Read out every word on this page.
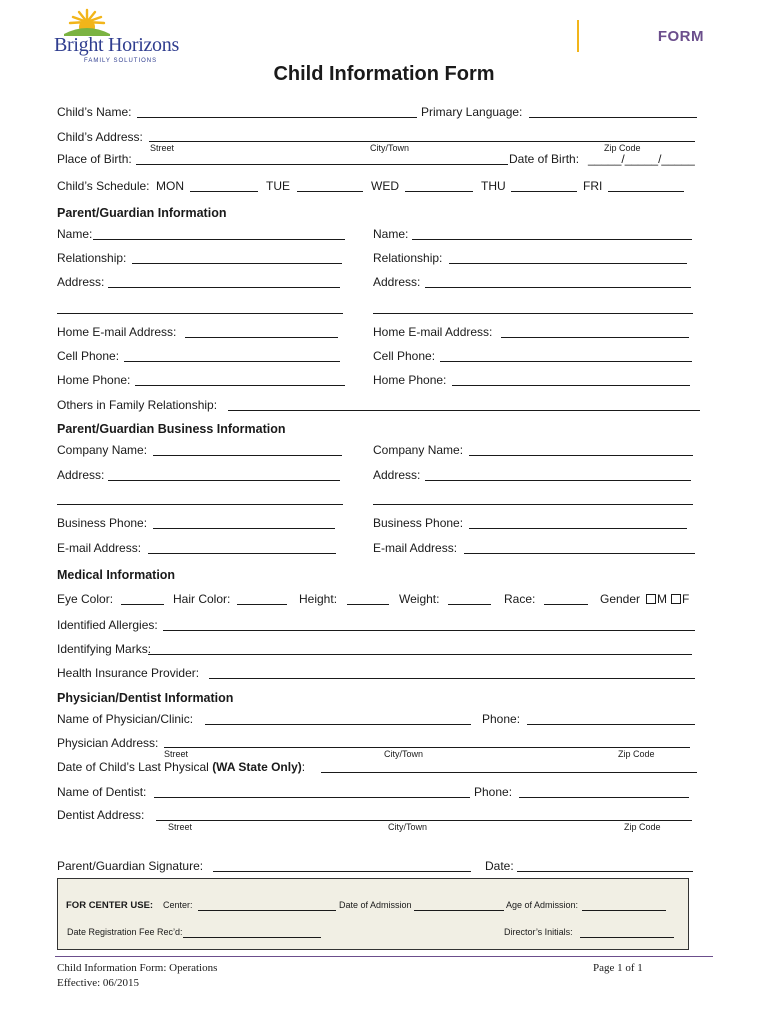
Bright Horizons
FAMILY SOLUTIONS
FORM
Child Information Form
Child’s Name:	Primary Language:
Child’s Address:
Street	City/Town	Zip Code
Place of Birth:	Date of Birth: _____/_____/_____
Child’s Schedule: MON	TUE	WED	THU	FRI
Parent/Guardian Information
Name:	Name:
Relationship:	Relationship:
Address:	Address:
Home E-mail Address:	Home E-mail Address:
Cell Phone:	Cell Phone:
Home Phone:	Home Phone:
Others in Family Relationship:
Parent/Guardian Business Information
Company Name:	Company Name:
Address:	Address:
Business Phone:	Business Phone:
E-mail Address:	E-mail Address:
Medical Information
Eye Color:	Hair Color:	Height:	Weight:	Race:	Gender M F
Identified Allergies:
Identifying Marks:
Health Insurance Provider:
Physician/Dentist Information
Name of Physician/Clinic:	Phone:
Physician Address:
Street	City/Town	Zip Code
Date of Child’s Last Physical (WA State Only):
Name of Dentist:	Phone:
Dentist Address:
Street	City/Town	Zip Code
Parent/Guardian Signature:	Date:
FOR CENTER USE: Center:	Date of Admission	Age of Admission:
Date Registration Fee Rec’d:	Director’s Initials:
Child Information Form: Operations
Effective: 06/2015
Page 1 of 1
